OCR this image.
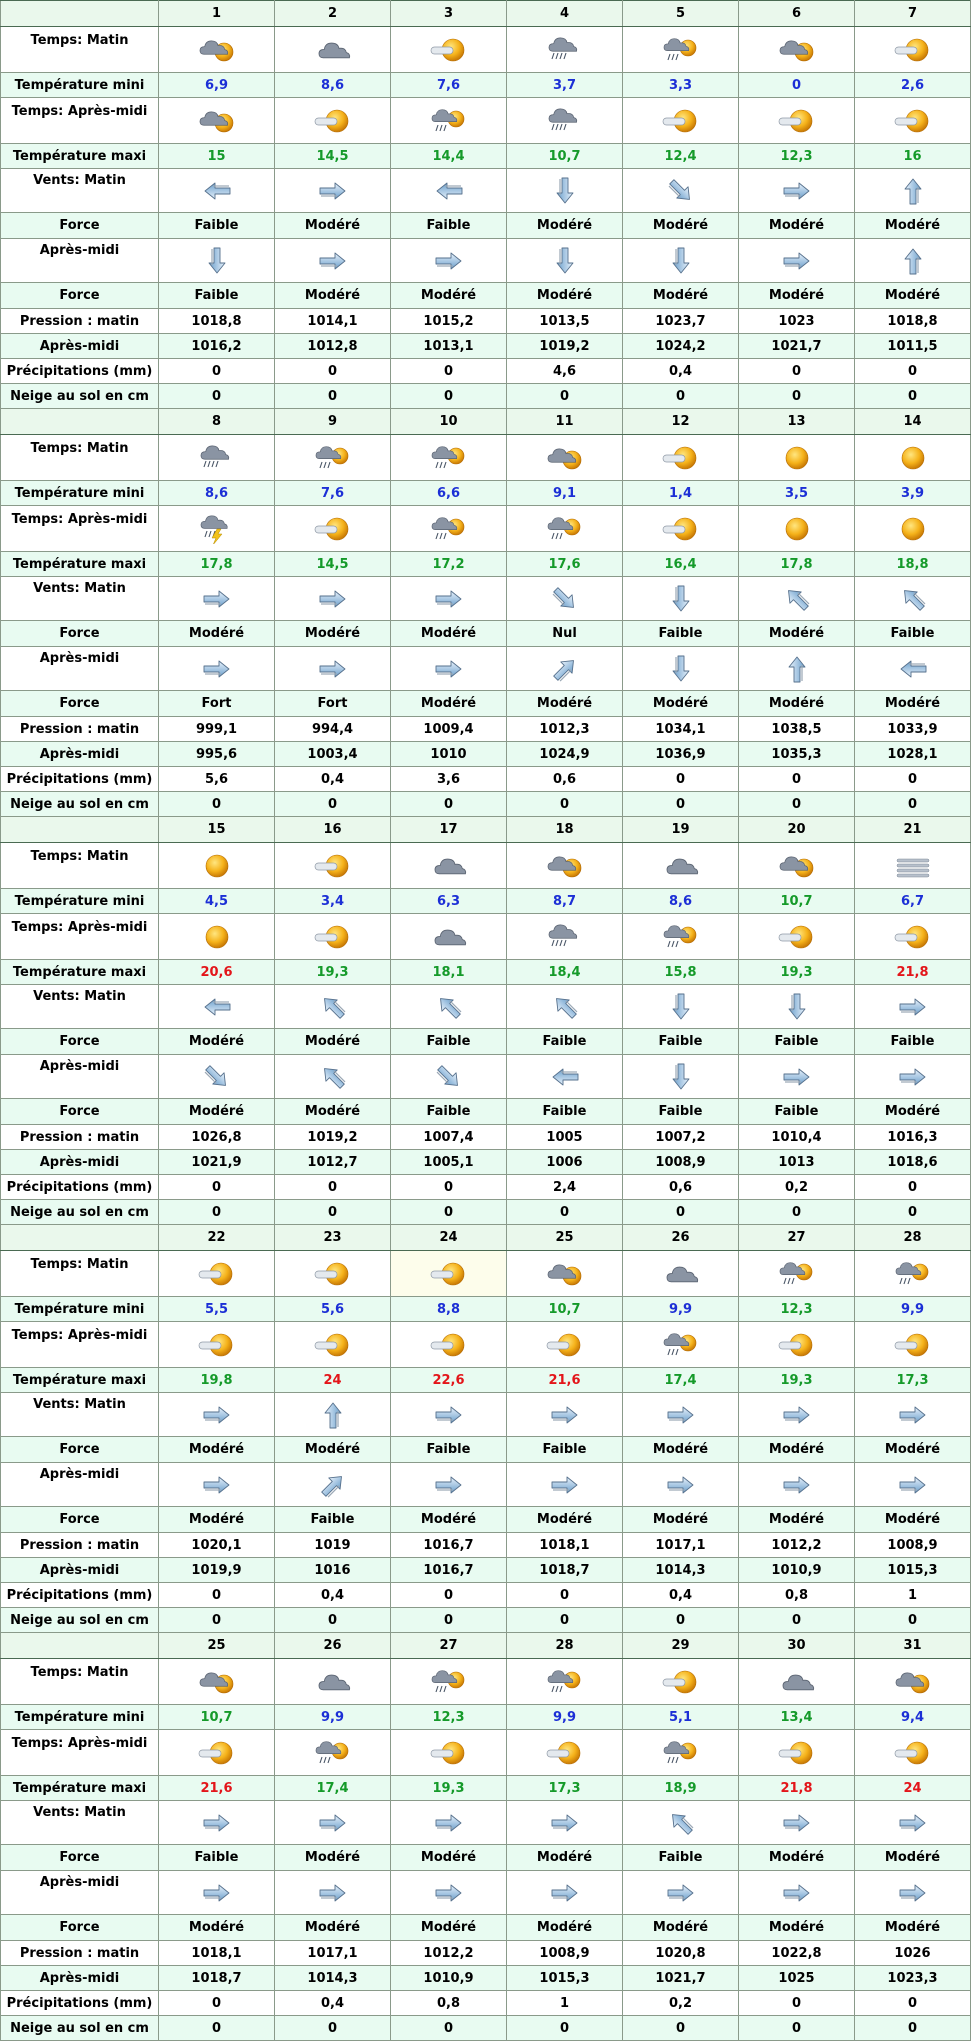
	1	2	3	4	5	6	7
Temps: Matin							
Température mini	6,9	8,6	7,6	3,7	3,3	0	2,6
Temps: Après-midi							
Température maxi	15	14,5	14,4	10,7	12,4	12,3	16
Vents: Matin							
Force	Faible	Modéré	Faible	Modéré	Modéré	Modéré	Modéré
Après-midi							
Force	Faible	Modéré	Modéré	Modéré	Modéré	Modéré	Modéré
Pression : matin	1018,8	1014,1	1015,2	1013,5	1023,7	1023	1018,8
Après-midi	1016,2	1012,8	1013,1	1019,2	1024,2	1021,7	1011,5
Précipitations (mm)	0	0	0	4,6	0,4	0	0
Neige au sol en cm	0	0	0	0	0	0	0
	8	9	10	11	12	13	14
Temps: Matin							
Température mini	8,6	7,6	6,6	9,1	1,4	3,5	3,9
Temps: Après-midi							
Température maxi	17,8	14,5	17,2	17,6	16,4	17,8	18,8
Vents: Matin							
Force	Modéré	Modéré	Modéré	Nul	Faible	Modéré	Faible
Après-midi							
Force	Fort	Fort	Modéré	Modéré	Modéré	Modéré	Modéré
Pression : matin	999,1	994,4	1009,4	1012,3	1034,1	1038,5	1033,9
Après-midi	995,6	1003,4	1010	1024,9	1036,9	1035,3	1028,1
Précipitations (mm)	5,6	0,4	3,6	0,6	0	0	0
Neige au sol en cm	0	0	0	0	0	0	0
	15	16	17	18	19	20	21
Temps: Matin							
Température mini	4,5	3,4	6,3	8,7	8,6	10,7	6,7
Temps: Après-midi							
Température maxi	20,6	19,3	18,1	18,4	15,8	19,3	21,8
Vents: Matin							
Force	Modéré	Modéré	Faible	Faible	Faible	Faible	Faible
Après-midi							
Force	Modéré	Modéré	Faible	Faible	Faible	Faible	Modéré
Pression : matin	1026,8	1019,2	1007,4	1005	1007,2	1010,4	1016,3
Après-midi	1021,9	1012,7	1005,1	1006	1008,9	1013	1018,6
Précipitations (mm)	0	0	0	2,4	0,6	0,2	0
Neige au sol en cm	0	0	0	0	0	0	0
	22	23	24	25	26	27	28
Temps: Matin							
Température mini	5,5	5,6	8,8	10,7	9,9	12,3	9,9
Temps: Après-midi							
Température maxi	19,8	24	22,6	21,6	17,4	19,3	17,3
Vents: Matin							
Force	Modéré	Modéré	Faible	Faible	Modéré	Modéré	Modéré
Après-midi							
Force	Modéré	Faible	Modéré	Modéré	Modéré	Modéré	Modéré
Pression : matin	1020,1	1019	1016,7	1018,1	1017,1	1012,2	1008,9
Après-midi	1019,9	1016	1016,7	1018,7	1014,3	1010,9	1015,3
Précipitations (mm)	0	0,4	0	0	0,4	0,8	1
Neige au sol en cm	0	0	0	0	0	0	0
	25	26	27	28	29	30	31
Temps: Matin							
Température mini	10,7	9,9	12,3	9,9	5,1	13,4	9,4
Temps: Après-midi							
Température maxi	21,6	17,4	19,3	17,3	18,9	21,8	24
Vents: Matin							
Force	Faible	Modéré	Modéré	Modéré	Faible	Modéré	Modéré
Après-midi							
Force	Modéré	Modéré	Modéré	Modéré	Modéré	Modéré	Modéré
Pression : matin	1018,1	1017,1	1012,2	1008,9	1020,8	1022,8	1026
Après-midi	1018,7	1014,3	1010,9	1015,3	1021,7	1025	1023,3
Précipitations (mm)	0	0,4	0,8	1	0,2	0	0
Neige au sol en cm	0	0	0	0	0	0	0
